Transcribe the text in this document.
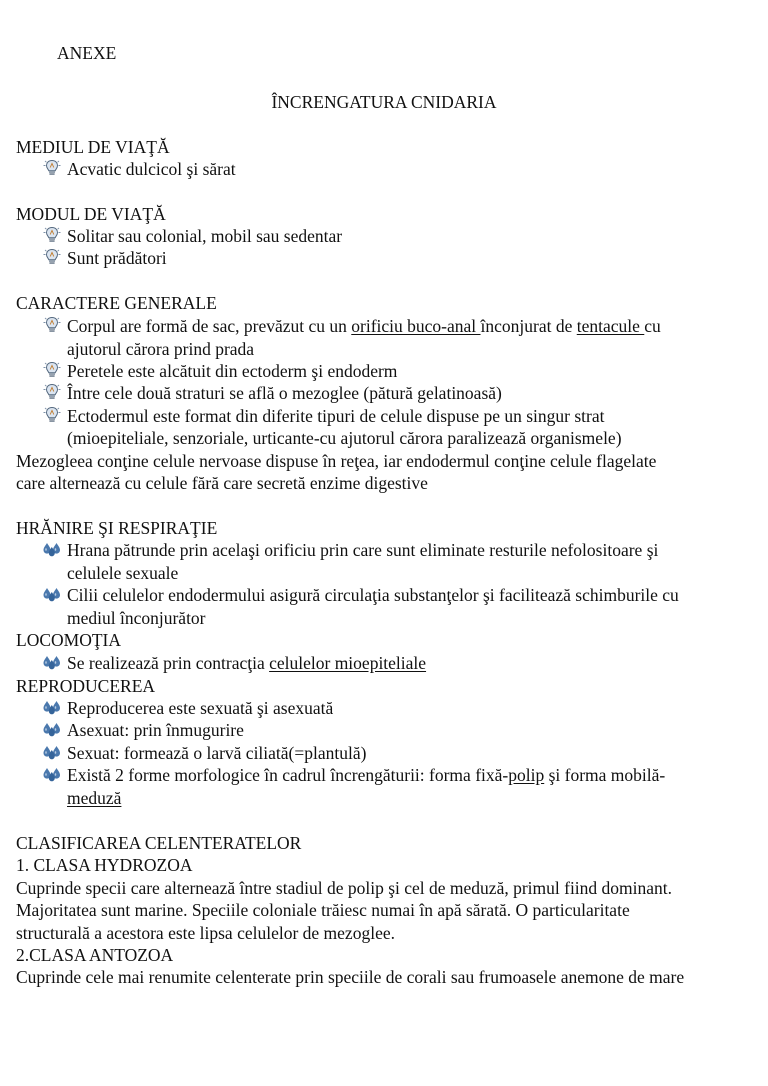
ANEXE
ÎNCRENGATURA CNIDARIA
MEDIUL DE VIAŢĂ
Acvatic dulcicol şi sărat
MODUL DE VIAŢĂ
Solitar sau colonial, mobil sau sedentar
Sunt prădători
CARACTERE GENERALE
Corpul are formă de sac, prevăzut cu un orificiu buco-anal înconjurat de tentacule cu
ajutorul cărora prind prada
Peretele este alcătuit din ectoderm şi endoderm
Între cele două straturi se află o mezoglee (pătură gelatinoasă)
Ectodermul este format din diferite tipuri de celule dispuse pe un singur strat
(mioepiteliale, senzoriale, urticante-cu ajutorul cărora paralizează organismele)
Mezogleea conţine celule nervoase dispuse în reţea, iar endodermul conţine celule flagelate
care alternează cu celule fără care secretă enzime digestive
HRĂNIRE ŞI RESPIRAŢIE
Hrana pătrunde prin acelaşi orificiu prin care sunt eliminate resturile nefolositoare şi
celulele sexuale
Cilii celulelor endodermului asigură circulaţia substanţelor şi facilitează schimburile cu
mediul înconjurător
LOCOMOŢIA
Se realizează prin contracţia celulelor mioepiteliale
REPRODUCEREA
Reproducerea este sexuată şi asexuată
Asexuat: prin înmugurire
Sexuat: formează o larvă ciliată(=plantulă)
Există 2 forme morfologice în cadrul încrengăturii: forma fixă-polip şi forma mobilă-
meduză
CLASIFICAREA CELENTERATELOR
1. CLASA HYDROZOA
Cuprinde specii care alternează între stadiul de polip şi cel de meduză, primul fiind dominant.
Majoritatea sunt marine. Speciile coloniale trăiesc numai în apă sărată. O particularitate
structurală a acestora este lipsa celulelor de mezoglee.
2.CLASA ANTOZOA
Cuprinde cele mai renumite celenterate prin speciile de corali sau frumoasele anemone de mare
